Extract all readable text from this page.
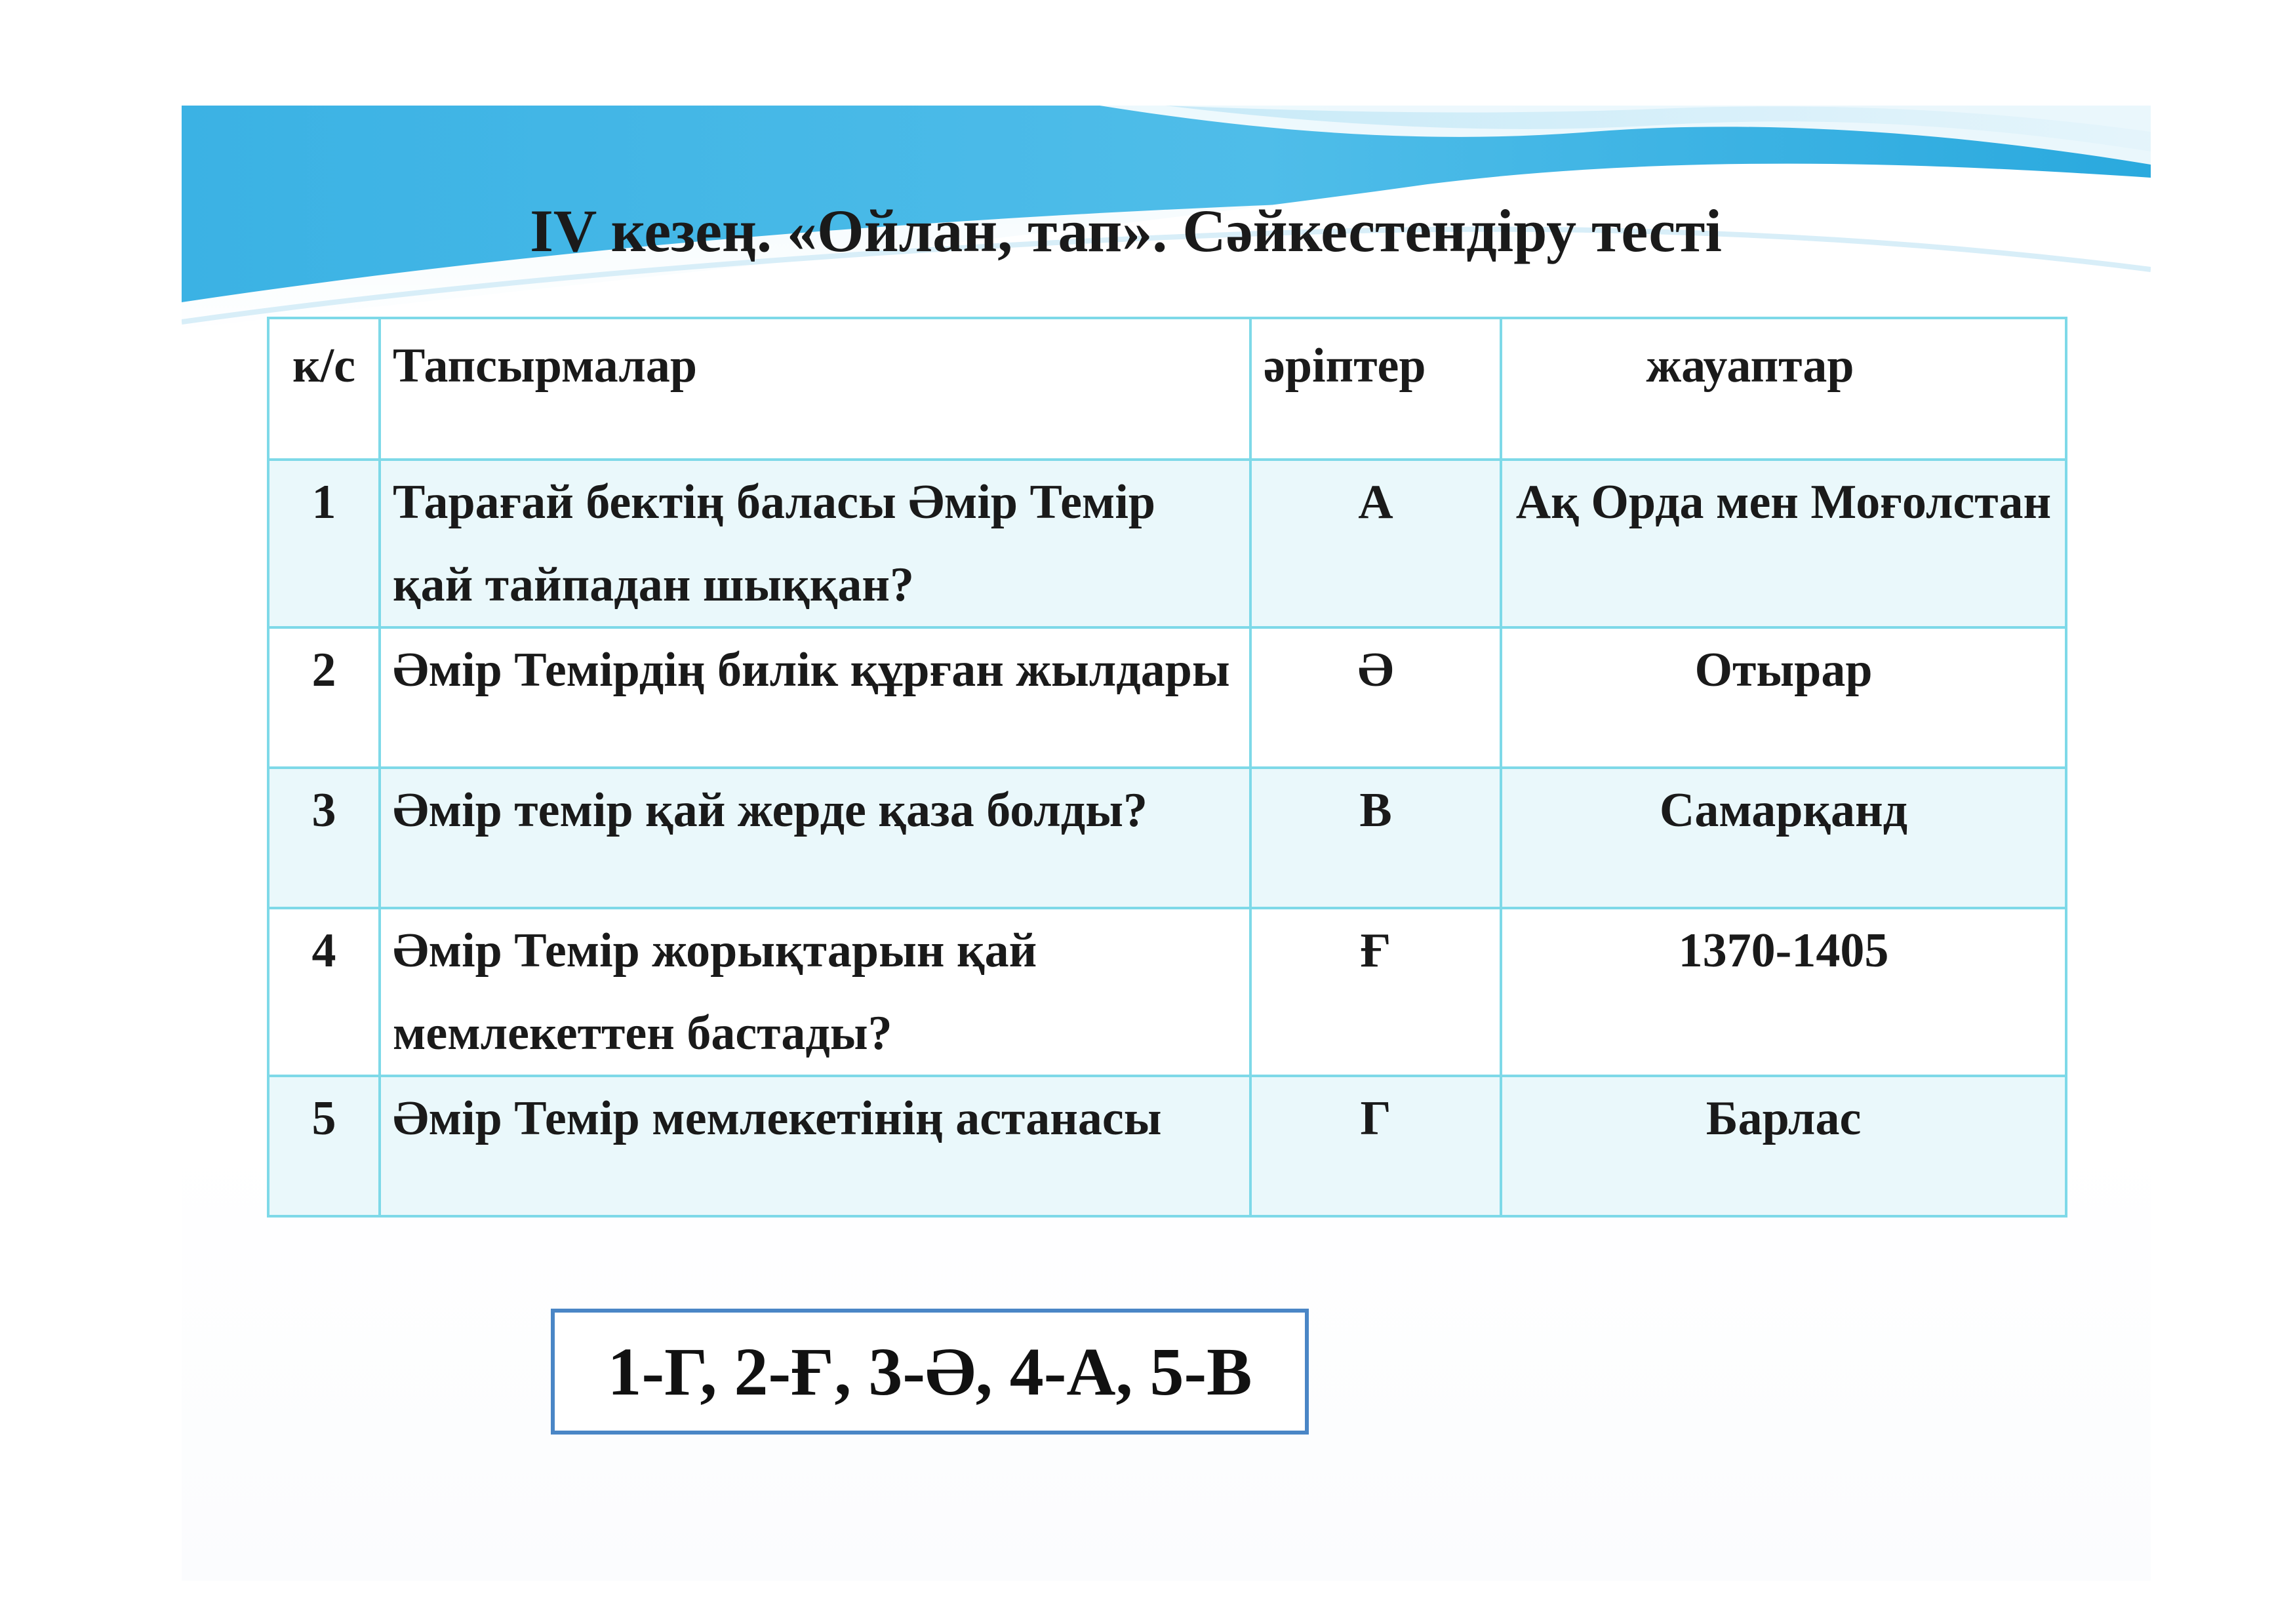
IV кезең. «Ойлан, тап». Сәйкестендіру тесті
к/с	Тапсырмалар	әріптер	жауаптар
1	Тарағай бектің баласы Әмір Темір қай тайпадан шыққан?	А	Ақ Орда мен Моғолстан
2	Әмір Темірдің билік құрған жылдары	Ә	Отырар
3	Әмір темір қай жерде қаза болды?	В	Самарқанд
4	Әмір Темір жорықтарын қай мемлекеттен бастады?	Ғ	1370-1405
5	Әмір Темір мемлекетінің астанасы	Г	Барлас
1-Г, 2-Ғ, 3-Ә, 4-А, 5-В
